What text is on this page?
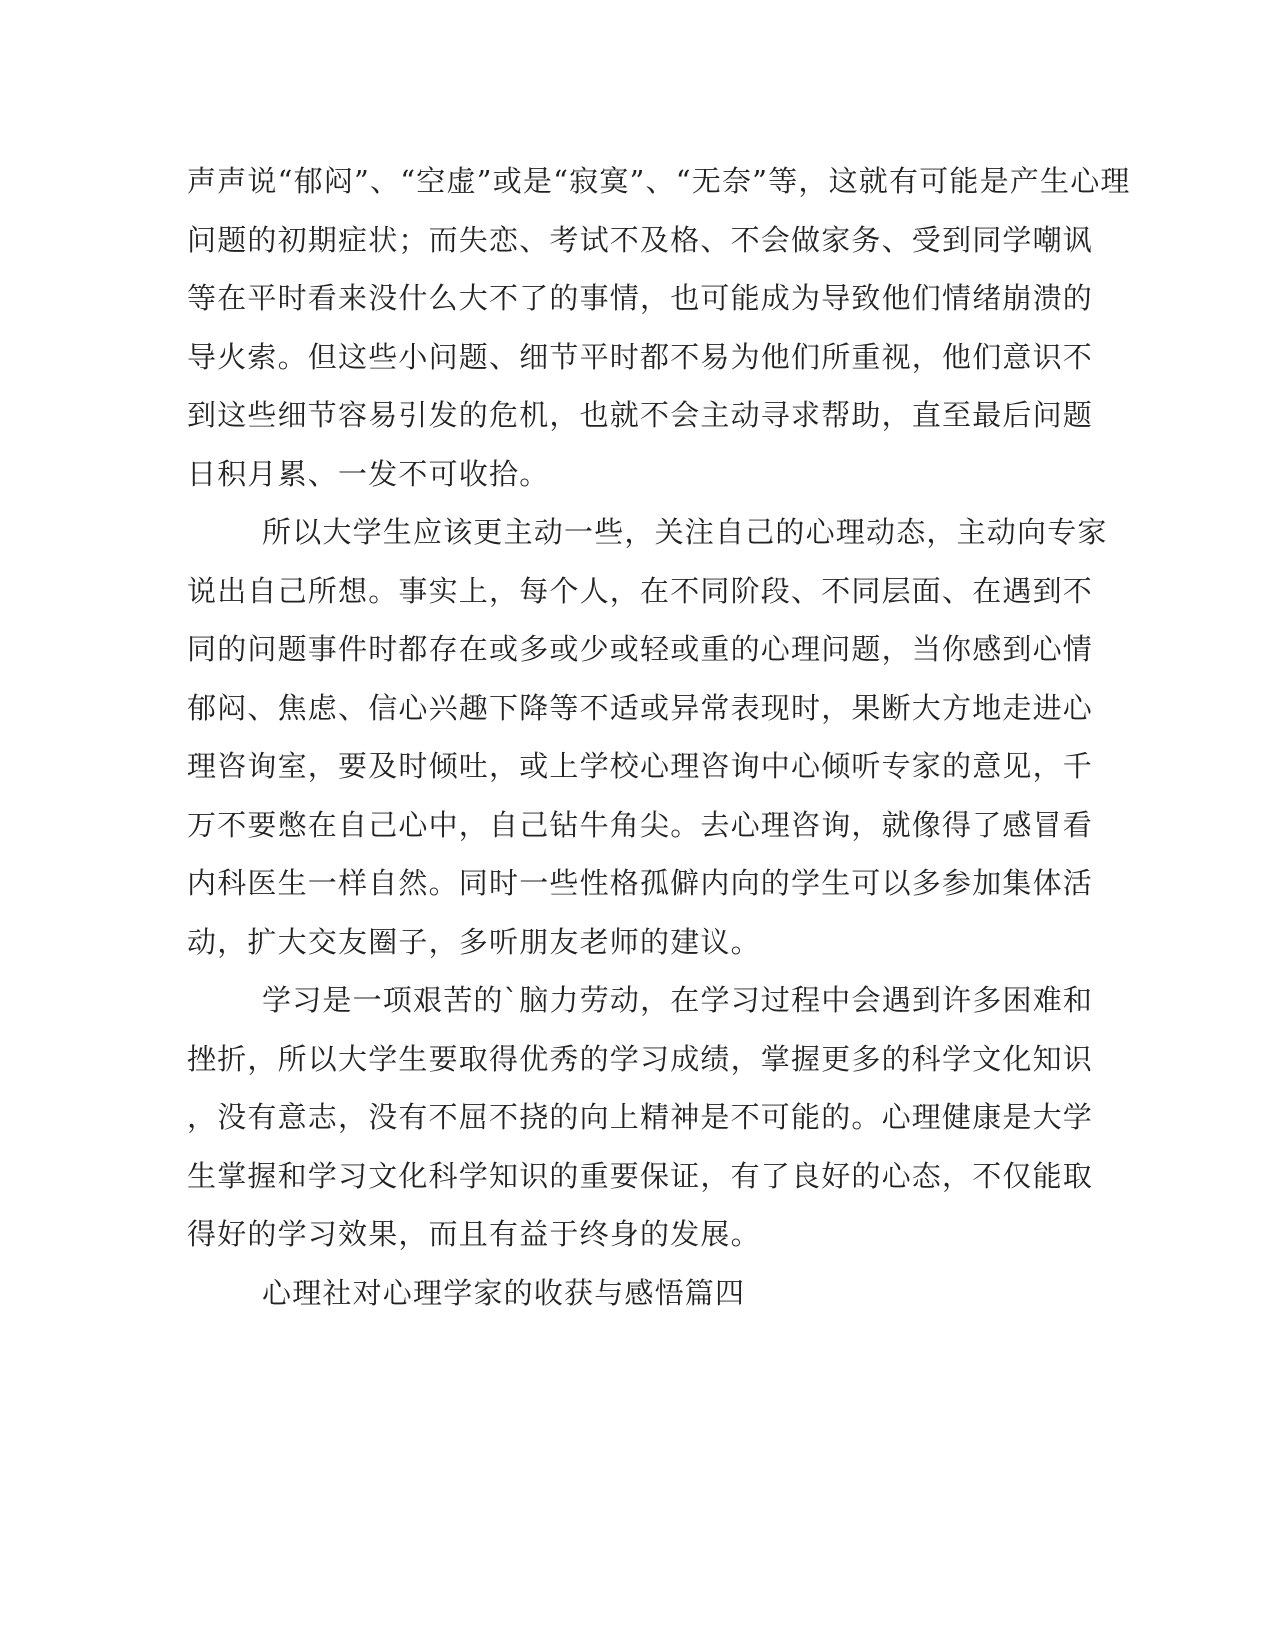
声声说“郁闷”、“空虚”或是“寂寞”、“无奈”等，这就有可能是产生心理
问题的初期症状；而失恋、考试不及格、不会做家务、受到同学嘲讽
等在平时看来没什么大不了的事情，也可能成为导致他们情绪崩溃的
导火索。但这些小问题、细节平时都不易为他们所重视，他们意识不
到这些细节容易引发的危机，也就不会主动寻求帮助，直至最后问题
日积月累、一发不可收拾。
所以大学生应该更主动一些，关注自己的心理动态，主动向专家
说出自己所想。事实上，每个人，在不同阶段、不同层面、在遇到不
同的问题事件时都存在或多或少或轻或重的心理问题，当你感到心情
郁闷、焦虑、信心兴趣下降等不适或异常表现时，果断大方地走进心
理咨询室，要及时倾吐，或上学校心理咨询中心倾听专家的意见，千
万不要憋在自己心中，自己钻牛角尖。去心理咨询，就像得了感冒看
内科医生一样自然。同时一些性格孤僻内向的学生可以多参加集体活
动，扩大交友圈子，多听朋友老师的建议。
学习是一项艰苦的`脑力劳动，在学习过程中会遇到许多困难和
挫折，所以大学生要取得优秀的学习成绩，掌握更多的科学文化知识
，没有意志，没有不屈不挠的向上精神是不可能的。心理健康是大学
生掌握和学习文化科学知识的重要保证，有了良好的心态，不仅能取
得好的学习效果，而且有益于终身的发展。
心理社对心理学家的收获与感悟篇四
